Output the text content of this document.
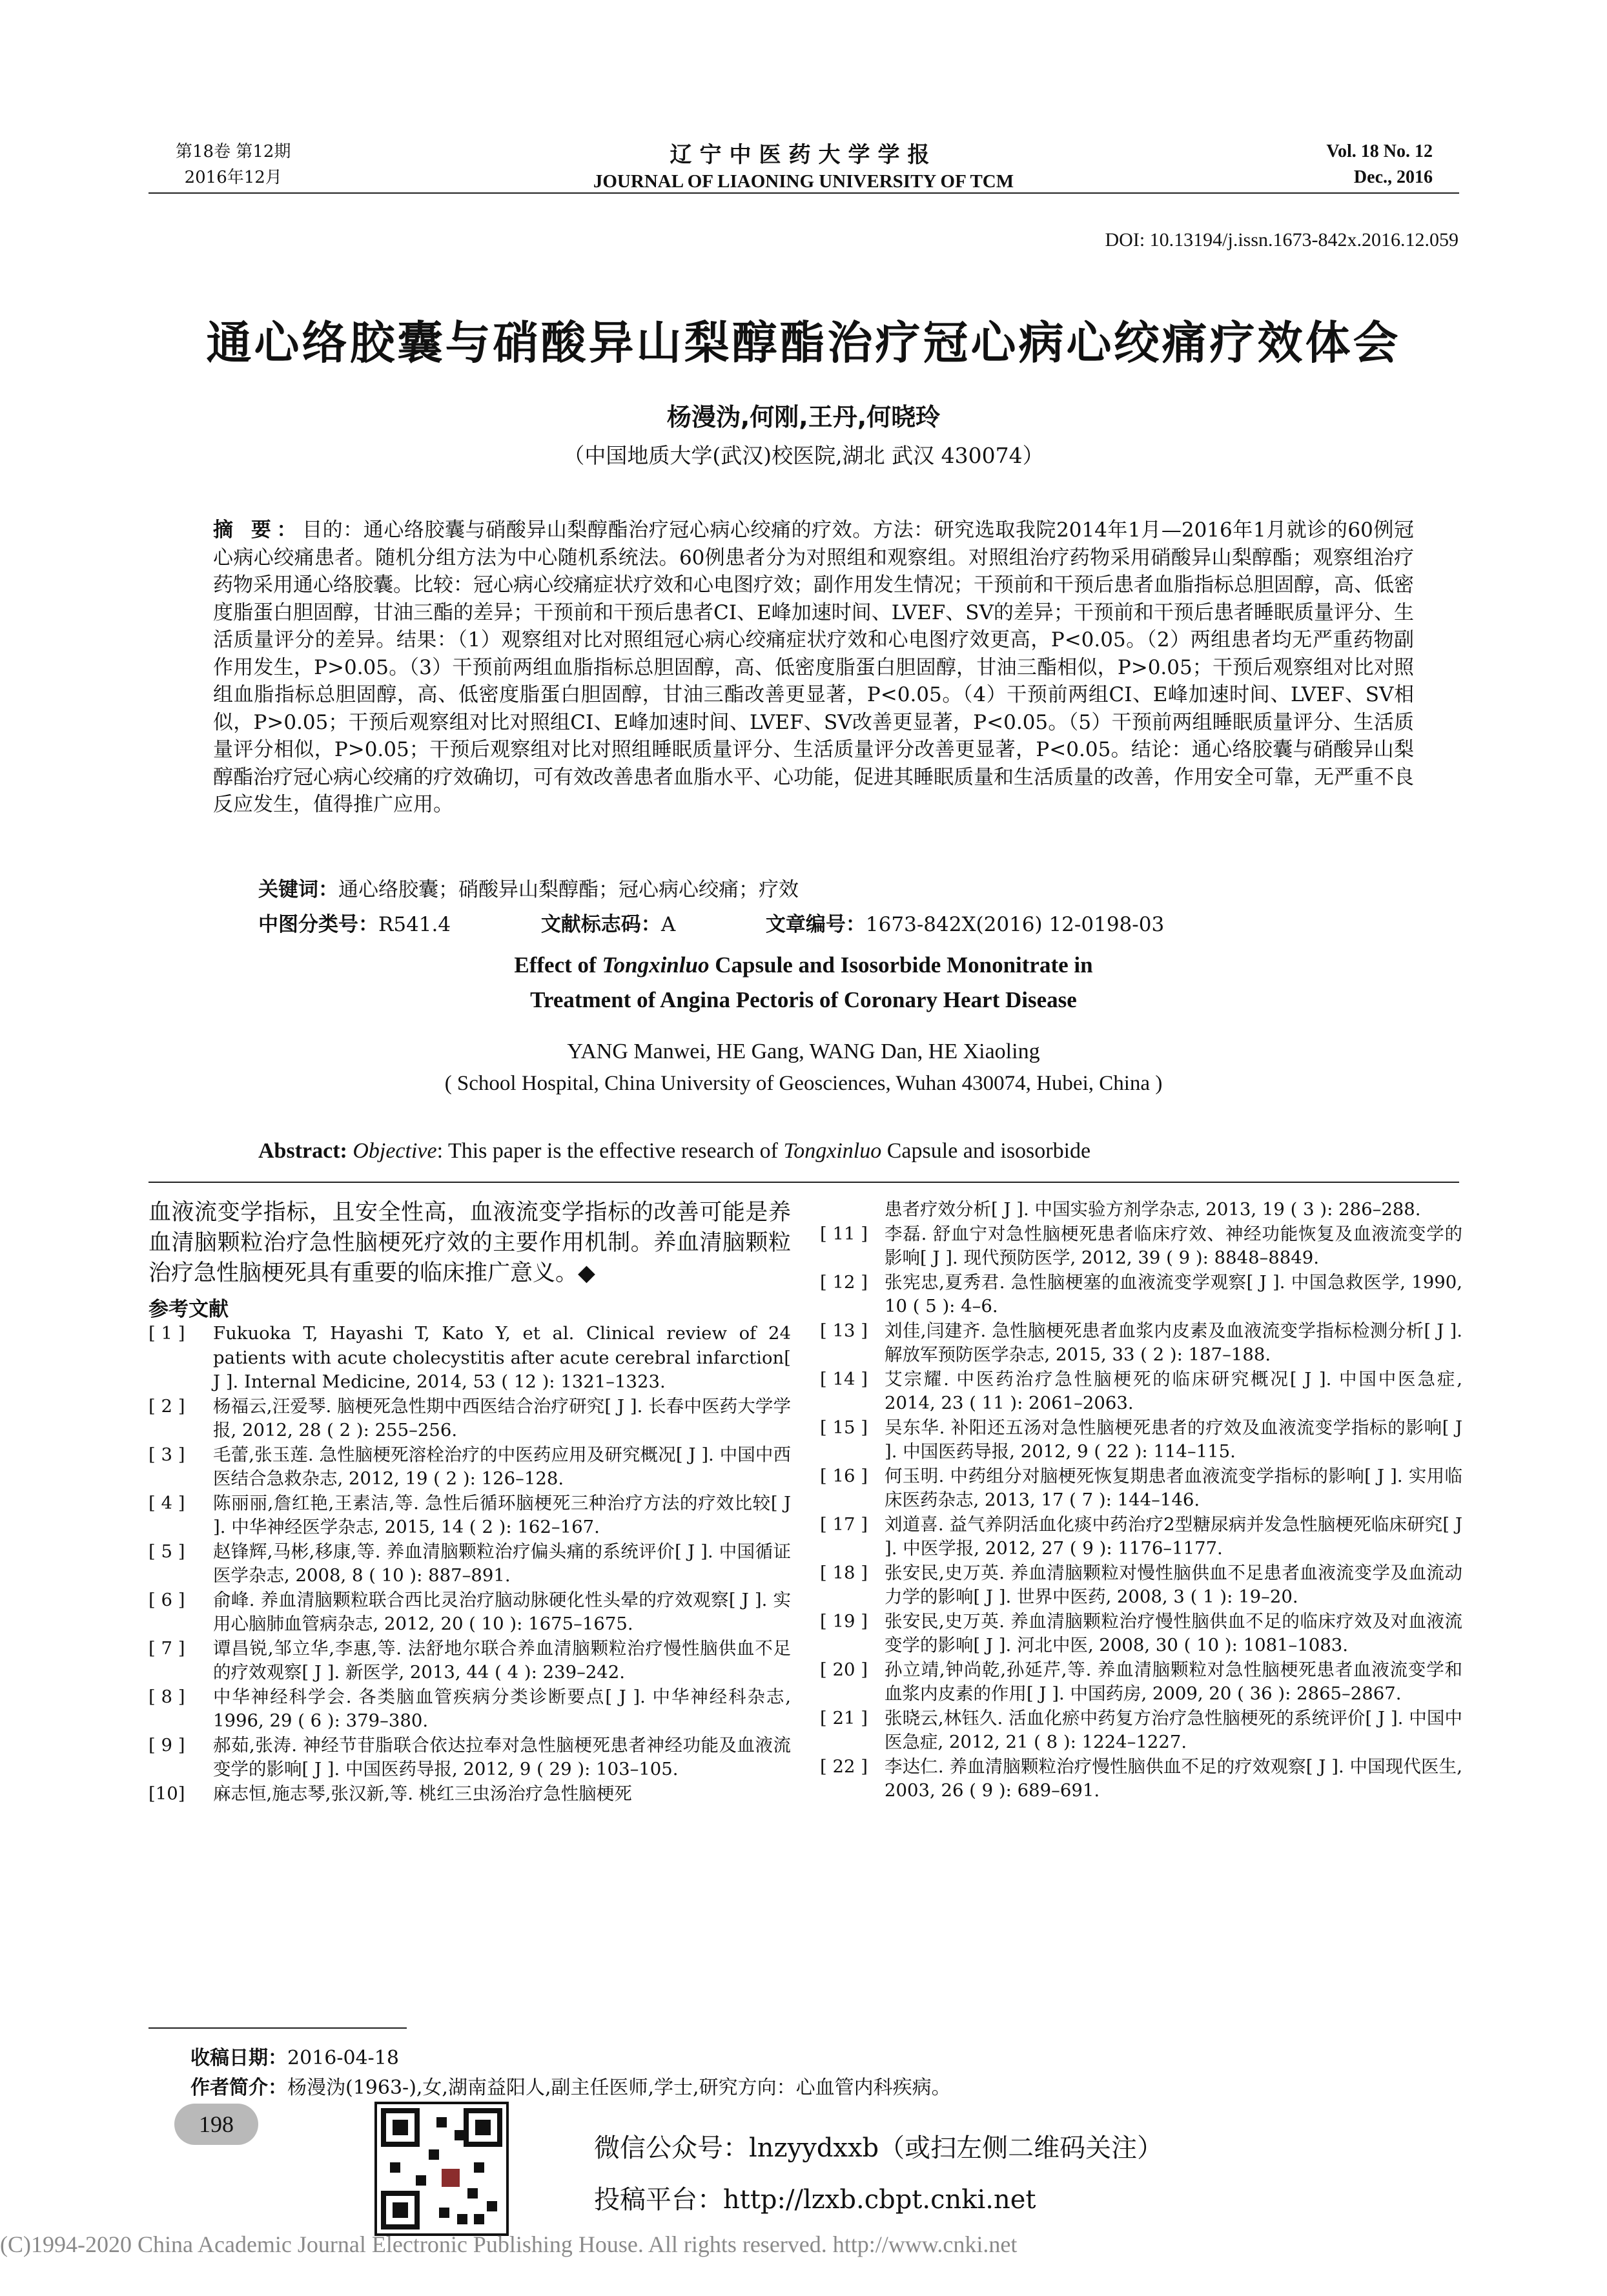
第18卷 第12期
2016年12月
辽宁中医药大学学报
JOURNAL OF LIAONING UNIVERSITY OF TCM
Vol. 18 No. 12
Dec., 2016
DOI: 10.13194/j.issn.1673-842x.2016.12.059
通心络胶囊与硝酸异山梨醇酯治疗冠心病心绞痛疗效体会
杨漫沩,何刚,王丹,何晓玲
（中国地质大学(武汉)校医院,湖北 武汉 430074）
摘 要：目的：通心络胶囊与硝酸异山梨醇酯治疗冠心病心绞痛的疗效。方法：研究选取我院2014年1月—2016年1月就诊的60例冠心病心绞痛患者。随机分组方法为中心随机系统法。60例患者分为对照组和观察组。对照组治疗药物采用硝酸异山梨醇酯；观察组治疗药物采用通心络胶囊。比较：冠心病心绞痛症状疗效和心电图疗效；副作用发生情况；干预前和干预后患者血脂指标总胆固醇，高、低密度脂蛋白胆固醇，甘油三酯的差异；干预前和干预后患者CI、E峰加速时间、LVEF、SV的差异；干预前和干预后患者睡眠质量评分、生活质量评分的差异。结果：（1）观察组对比对照组冠心病心绞痛症状疗效和心电图疗效更高，P<0.05。（2）两组患者均无严重药物副作用发生，P>0.05。（3）干预前两组血脂指标总胆固醇，高、低密度脂蛋白胆固醇，甘油三酯相似，P>0.05；干预后观察组对比对照组血脂指标总胆固醇，高、低密度脂蛋白胆固醇，甘油三酯改善更显著，P<0.05。（4）干预前两组CI、E峰加速时间、LVEF、SV相似，P>0.05；干预后观察组对比对照组CI、E峰加速时间、LVEF、SV改善更显著，P<0.05。（5）干预前两组睡眠质量评分、生活质量评分相似，P>0.05；干预后观察组对比对照组睡眠质量评分、生活质量评分改善更显著，P<0.05。结论：通心络胶囊与硝酸异山梨醇酯治疗冠心病心绞痛的疗效确切，可有效改善患者血脂水平、心功能，促进其睡眠质量和生活质量的改善，作用安全可靠，无严重不良反应发生，值得推广应用。
关键词：通心络胶囊；硝酸异山梨醇酯；冠心病心绞痛；疗效
中图分类号：R541.4	文献标志码：A	文章编号：1673-842X(2016) 12-0198-03
Effect of Tongxinluo Capsule and Isosorbide Mononitrate in
Treatment of Angina Pectoris of Coronary Heart Disease
YANG Manwei, HE Gang, WANG Dan, HE Xiaoling
( School Hospital, China University of Geosciences, Wuhan 430074, Hubei, China )
Abstract: Objective: This paper is the effective research of Tongxinluo Capsule and isosorbide

血液流变学指标，且安全性高，血液流变学指标的改善可能是养血清脑颗粒治疗急性脑梗死疗效的主要作用机制。养血清脑颗粒治疗急性脑梗死具有重要的临床推广意义。◆

参考文献
[ 1 ]	Fukuoka T, Hayashi T, Kato Y, et al. Clinical review of 24 patients with acute cholecystitis after acute cerebral infarction[ J ]. Internal Medicine, 2014, 53 ( 12 ): 1321–1323.
[ 2 ]	杨福云,汪爱琴. 脑梗死急性期中西医结合治疗研究[ J ]. 长春中医药大学学报, 2012, 28 ( 2 ): 255–256.
[ 3 ]	毛蕾,张玉莲. 急性脑梗死溶栓治疗的中医药应用及研究概况[ J ]. 中国中西医结合急救杂志, 2012, 19 ( 2 ): 126–128.
[ 4 ]	陈丽丽,詹红艳,王素洁,等. 急性后循环脑梗死三种治疗方法的疗效比较[ J ]. 中华神经医学杂志, 2015, 14 ( 2 ): 162–167.
[ 5 ]	赵锋辉,马彬,移康,等. 养血清脑颗粒治疗偏头痛的系统评价[ J ]. 中国循证医学杂志, 2008, 8 ( 10 ): 887–891.
[ 6 ]	俞峰. 养血清脑颗粒联合西比灵治疗脑动脉硬化性头晕的疗效观察[ J ]. 实用心脑肺血管病杂志, 2012, 20 ( 10 ): 1675–1675.
[ 7 ]	谭昌锐,邹立华,李惠,等. 法舒地尔联合养血清脑颗粒治疗慢性脑供血不足的疗效观察[ J ]. 新医学, 2013, 44 ( 4 ): 239–242.
[ 8 ]	中华神经科学会. 各类脑血管疾病分类诊断要点[ J ]. 中华神经科杂志, 1996, 29 ( 6 ): 379–380.
[ 9 ]	郝茹,张涛. 神经节苷脂联合依达拉奉对急性脑梗死患者神经功能及血液流变学的影响[ J ]. 中国医药导报, 2012, 9 ( 29 ): 103–105.
[10]	麻志恒,施志琴,张汉新,等. 桃红三虫汤治疗急性脑梗死
患者疗效分析[ J ]. 中国实验方剂学杂志, 2013, 19 ( 3 ): 286–288.
[ 11 ] 李磊. 舒血宁对急性脑梗死患者临床疗效、神经功能恢复及血液流变学的影响[ J ]. 现代预防医学, 2012, 39 ( 9 ): 8848–8849.
[ 12 ] 张宪忠,夏秀君. 急性脑梗塞的血液流变学观察[ J ]. 中国急救医学, 1990, 10 ( 5 ): 4–6.
[ 13 ] 刘佳,闫建齐. 急性脑梗死患者血浆内皮素及血液流变学指标检测分析[ J ]. 解放军预防医学杂志, 2015, 33 ( 2 ): 187–188.
[ 14 ] 艾宗耀. 中医药治疗急性脑梗死的临床研究概况[ J ]. 中国中医急症, 2014, 23 ( 11 ): 2061–2063.
[ 15 ] 吴东华. 补阳还五汤对急性脑梗死患者的疗效及血液流变学指标的影响[ J ]. 中国医药导报, 2012, 9 ( 22 ): 114–115.
[ 16 ] 何玉明. 中药组分对脑梗死恢复期患者血液流变学指标的影响[ J ]. 实用临床医药杂志, 2013, 17 ( 7 ): 144–146.
[ 17 ] 刘道喜. 益气养阴活血化痰中药治疗2型糖尿病并发急性脑梗死临床研究[ J ]. 中医学报, 2012, 27 ( 9 ): 1176–1177.
[ 18 ] 张安民,史万英. 养血清脑颗粒对慢性脑供血不足患者血液流变学及血流动力学的影响[ J ]. 世界中医药, 2008, 3 ( 1 ): 19–20.
[ 19 ] 张安民,史万英. 养血清脑颗粒治疗慢性脑供血不足的临床疗效及对血液流变学的影响[ J ]. 河北中医, 2008, 30 ( 10 ): 1081–1083.
[ 20 ] 孙立靖,钟尚乾,孙延芹,等. 养血清脑颗粒对急性脑梗死患者血液流变学和血浆内皮素的作用[ J ]. 中国药房, 2009, 20 ( 36 ): 2865–2867.
[ 21 ] 张晓云,林钰久. 活血化瘀中药复方治疗急性脑梗死的系统评价[ J ]. 中国中医急症, 2012, 21 ( 8 ): 1224–1227.
[ 22 ] 李达仁. 养血清脑颗粒治疗慢性脑供血不足的疗效观察[ J ]. 中国现代医生, 2003, 26 ( 9 ): 689–691.
收稿日期：2016-04-18
作者简介：杨漫沩(1963-),女,湖南益阳人,副主任医师,学士,研究方向：心血管内科疾病。
198
微信公众号：lnzyydxxb（或扫左侧二维码关注）
投稿平台：http://lzxb.cbpt.cnki.net
(C)1994-2020 China Academic Journal Electronic Publishing House. All rights reserved. http://www.cnki.net
